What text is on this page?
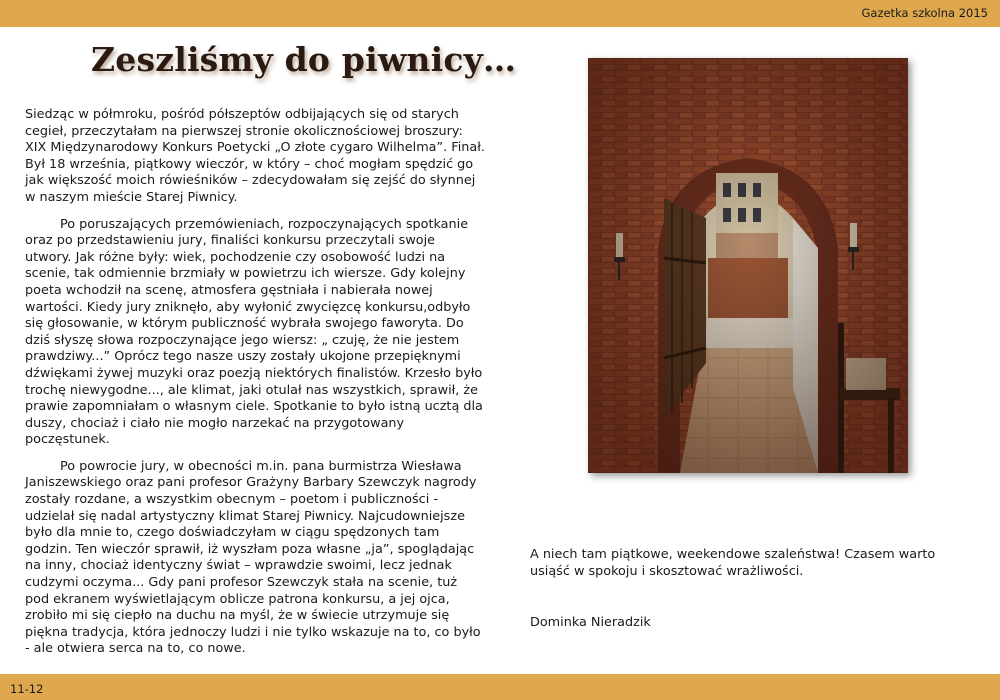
Gazetka szkolna 2015
Zeszliśmy do piwnicy…

Siedząc w półmroku, pośród półszeptów odbijających się od starych cegieł, przeczytałam na pierwszej stronie okolicznościowej broszury: XIX Międzynarodowy Konkurs Poetycki „O złote cygaro Wilhelma”. Finał. Był 18 września, piątkowy wieczór, w który – choć mogłam spędzić go jak większość moich rówieśników – zdecydowałam się zejść do słynnej w naszym mieście Starej Piwnicy.

Po poruszających przemówieniach, rozpoczynających spotkanie oraz po przedstawieniu jury, finaliści konkursu przeczytali swoje utwory. Jak różne były: wiek, pochodzenie czy osobowość ludzi na scenie, tak odmiennie brzmiały w powietrzu ich wiersze. Gdy kolejny poeta wchodził na scenę, atmosfera gęstniała i nabierała nowej wartości. Kiedy jury zniknęło, aby wyłonić zwycięzcę konkursu,odbyło się głosowanie, w którym publiczność wybrała swojego faworyta. Do dziś słyszę słowa rozpoczynające jego wiersz: „ czuję, że nie jestem prawdziwy...” Oprócz tego nasze uszy zostały ukojone przepięknymi dźwiękami żywej muzyki oraz poezją niektórych finalistów. Krzesło było trochę niewygodne..., ale klimat, jaki otulał nas wszystkich, sprawił, że prawie zapomniałam o własnym ciele. Spotkanie to było istną ucztą dla duszy, chociaż i ciało nie mogło narzekać na przygotowany poczęstunek.

Po powrocie jury, w obecności m.in. pana burmistrza Wiesława Janiszewskiego oraz pani profesor Grażyny Barbary Szewczyk nagrody zostały rozdane, a wszystkim obecnym – poetom i publiczności - udzielał się nadal artystyczny klimat Starej Piwnicy. Najcudowniejsze było dla mnie to, czego doświadczyłam w ciągu spędzonych tam godzin. Ten wieczór sprawił, iż wyszłam poza własne „ja”, spoglądając na inny, chociaż identyczny świat – wprawdzie swoimi, lecz jednak cudzymi oczyma... Gdy pani profesor Szewczyk stała na scenie, tuż pod ekranem wyświetlającym oblicze patrona konkursu, a jej ojca, zrobiło mi się ciepło na duchu na myśl, że w świecie utrzymuje się piękna tradycja, która jednoczy ludzi i nie tylko wskazuje na to, co było - ale otwiera serca na to, co nowe.

A niech tam piątkowe, weekendowe szaleństwa! Czasem warto usiąść w spokoju i skosztować wrażliwości.

Dominka Nieradzik

11-12
